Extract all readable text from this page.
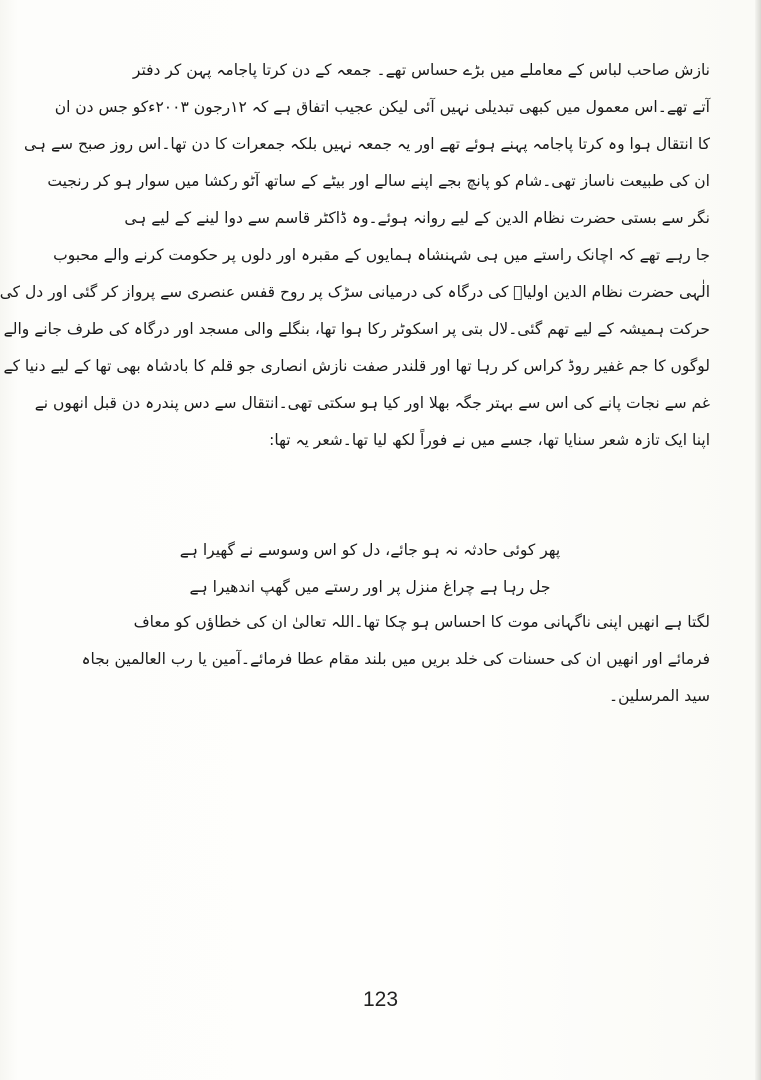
نازش صاحب لباس کے معاملے میں بڑے حساس تھے۔ جمعہ کے دن کرتا پاجامہ پہن کر دفتر
آتے تھے۔اس معمول میں کبھی تبدیلی نہیں آئی لیکن عجیب اتفاق ہے کہ ۱۲رجون ۲۰۰۳ءکو جس دن ان
کا انتقال ہوا وہ کرتا پاجامہ پہنے ہوئے تھے اور یہ جمعہ نہیں بلکہ جمعرات کا دن تھا۔اس روز صبح سے ہی
ان کی طبیعت ناساز تھی۔شام کو پانچ بجے اپنے سالے اور بیٹے کے ساتھ آٹو رکشا میں سوار ہو کر رنجیت
نگر سے بستی حضرت نظام الدین کے لیے روانہ ہوئے۔وہ ڈاکٹر قاسم سے دوا لینے کے لیے ہی
جا رہے تھے کہ اچانک راستے میں ہی شہنشاہ ہمایوں کے مقبرہ اور دلوں پر حکومت کرنے والے محبوب
الٰہی حضرت نظام الدین اولیاؒ کی درگاہ کی درمیانی سڑک پر روح قفس عنصری سے پرواز کر گئی اور دل کی
حرکت ہمیشہ کے لیے تھم گئی۔لال بتی پر اسکوٹر رکا ہوا تھا، بنگلے والی مسجد اور درگاہ کی طرف جانے والے
لوگوں کا جم غفیر روڈ کراس کر رہا تھا اور قلندر صفت نازش انصاری جو قلم کا بادشاہ بھی تھا کے لیے دنیا کے
غم سے نجات پانے کی اس سے بہتر جگہ بھلا اور کیا ہو سکتی تھی۔انتقال سے دس پندرہ دن قبل انھوں نے
اپنا ایک تازہ شعر سنایا تھا، جسے میں نے فوراً لکھ لیا تھا۔شعر یہ تھا:
پھر کوئی حادثہ نہ ہو جائے، دل کو اس وسوسے نے گھیرا ہے
جل رہا ہے چراغ منزل پر اور رستے میں گھپ اندھیرا ہے
لگتا ہے انھیں اپنی ناگہانی موت کا احساس ہو چکا تھا۔اللہ تعالیٰ ان کی خطاؤں کو معاف
فرمائے اور انھیں ان کی حسنات کی خلد بریں میں بلند مقام عطا فرمائے۔آمین یا رب العالمین بجاہ
سید المرسلین۔
123
